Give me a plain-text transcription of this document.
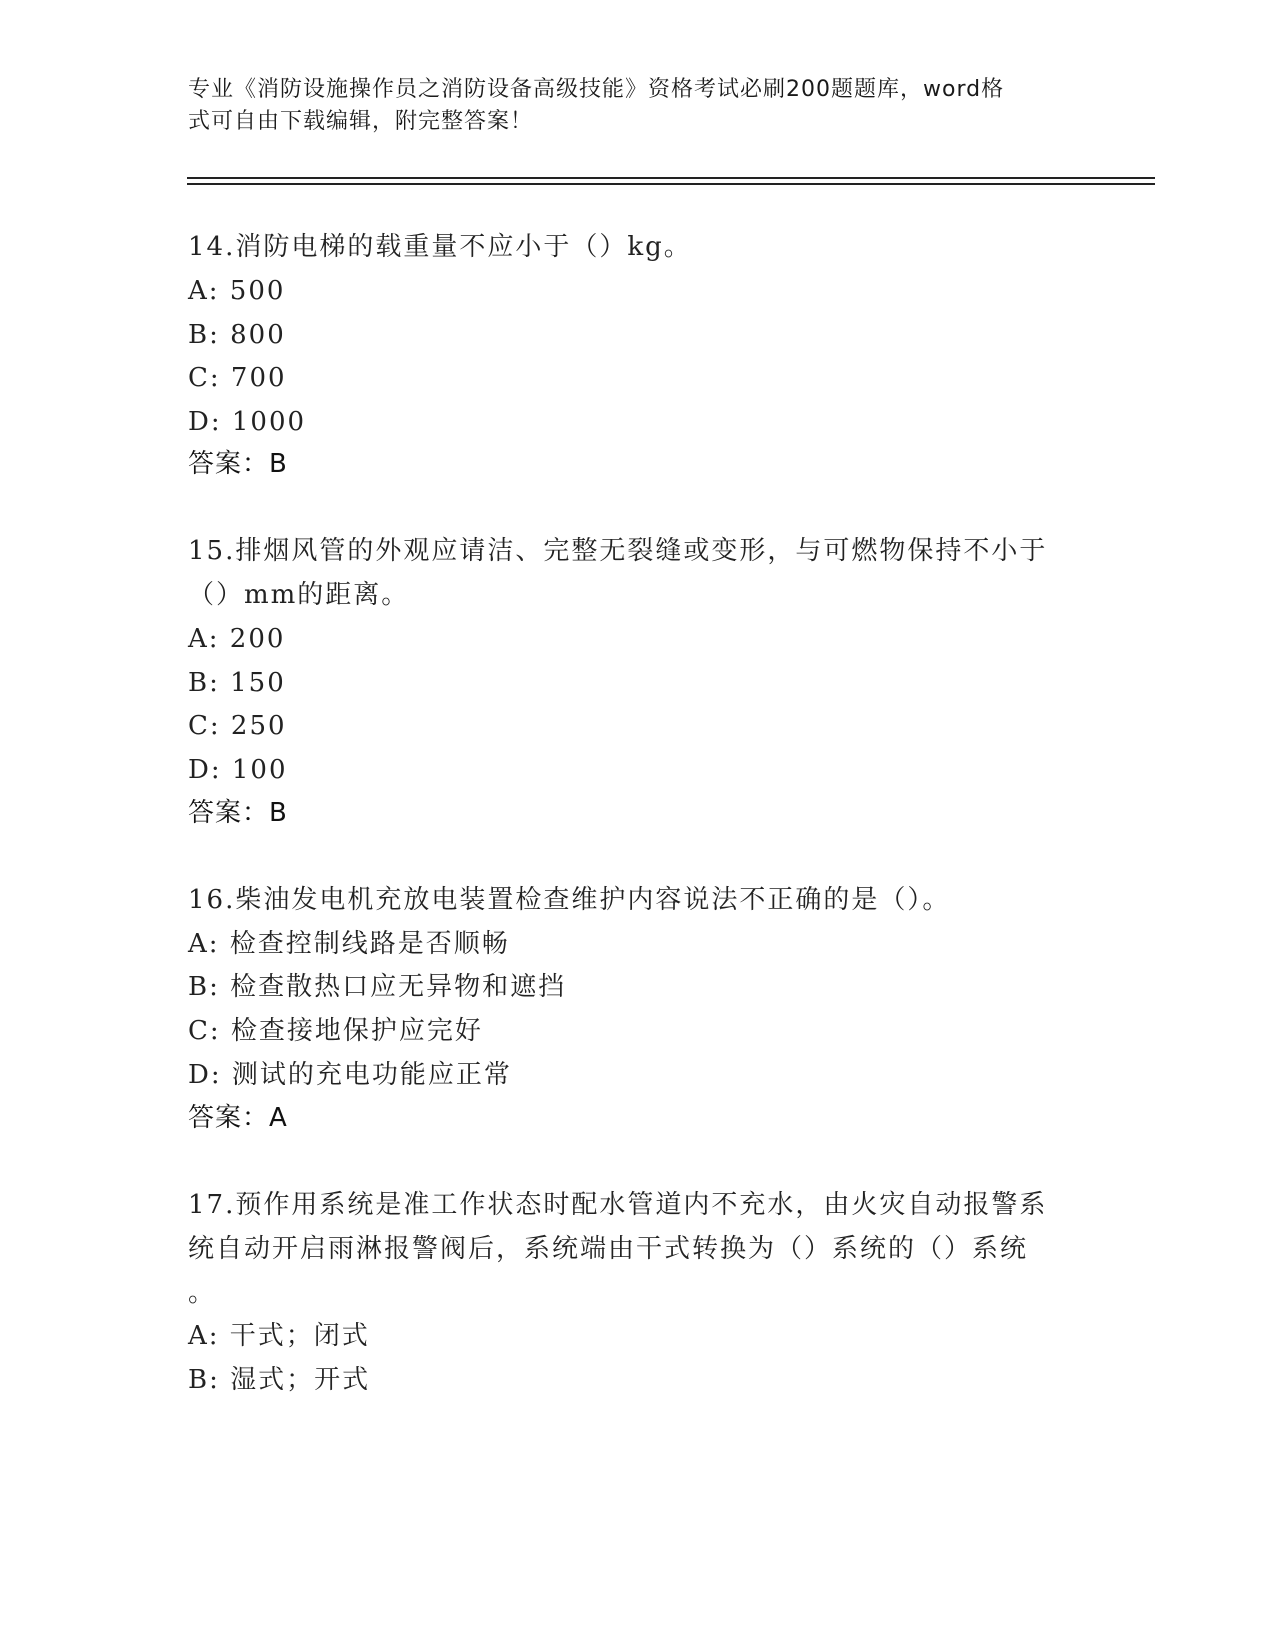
专业《消防设施操作员之消防设备高级技能》资格考试必刷200题题库，word格
式可自由下载编辑，附完整答案！
14.消防电梯的载重量不应小于（）kg。
A: 500
B: 800
C: 700
D: 1000
答案：B
15.排烟风管的外观应请洁、完整无裂缝或变形，与可燃物保持不小于
（）mm的距离。
A: 200
B: 150
C: 250
D: 100
答案：B
16.柴油发电机充放电装置检查维护内容说法不正确的是（）。
A: 检查控制线路是否顺畅
B: 检查散热口应无异物和遮挡
C: 检查接地保护应完好
D: 测试的充电功能应正常
答案：A
17.预作用系统是准工作状态时配水管道内不充水，由火灾自动报警系
统自动开启雨淋报警阀后，系统端由干式转换为（）系统的（）系统
。
A: 干式；闭式
B: 湿式；开式
